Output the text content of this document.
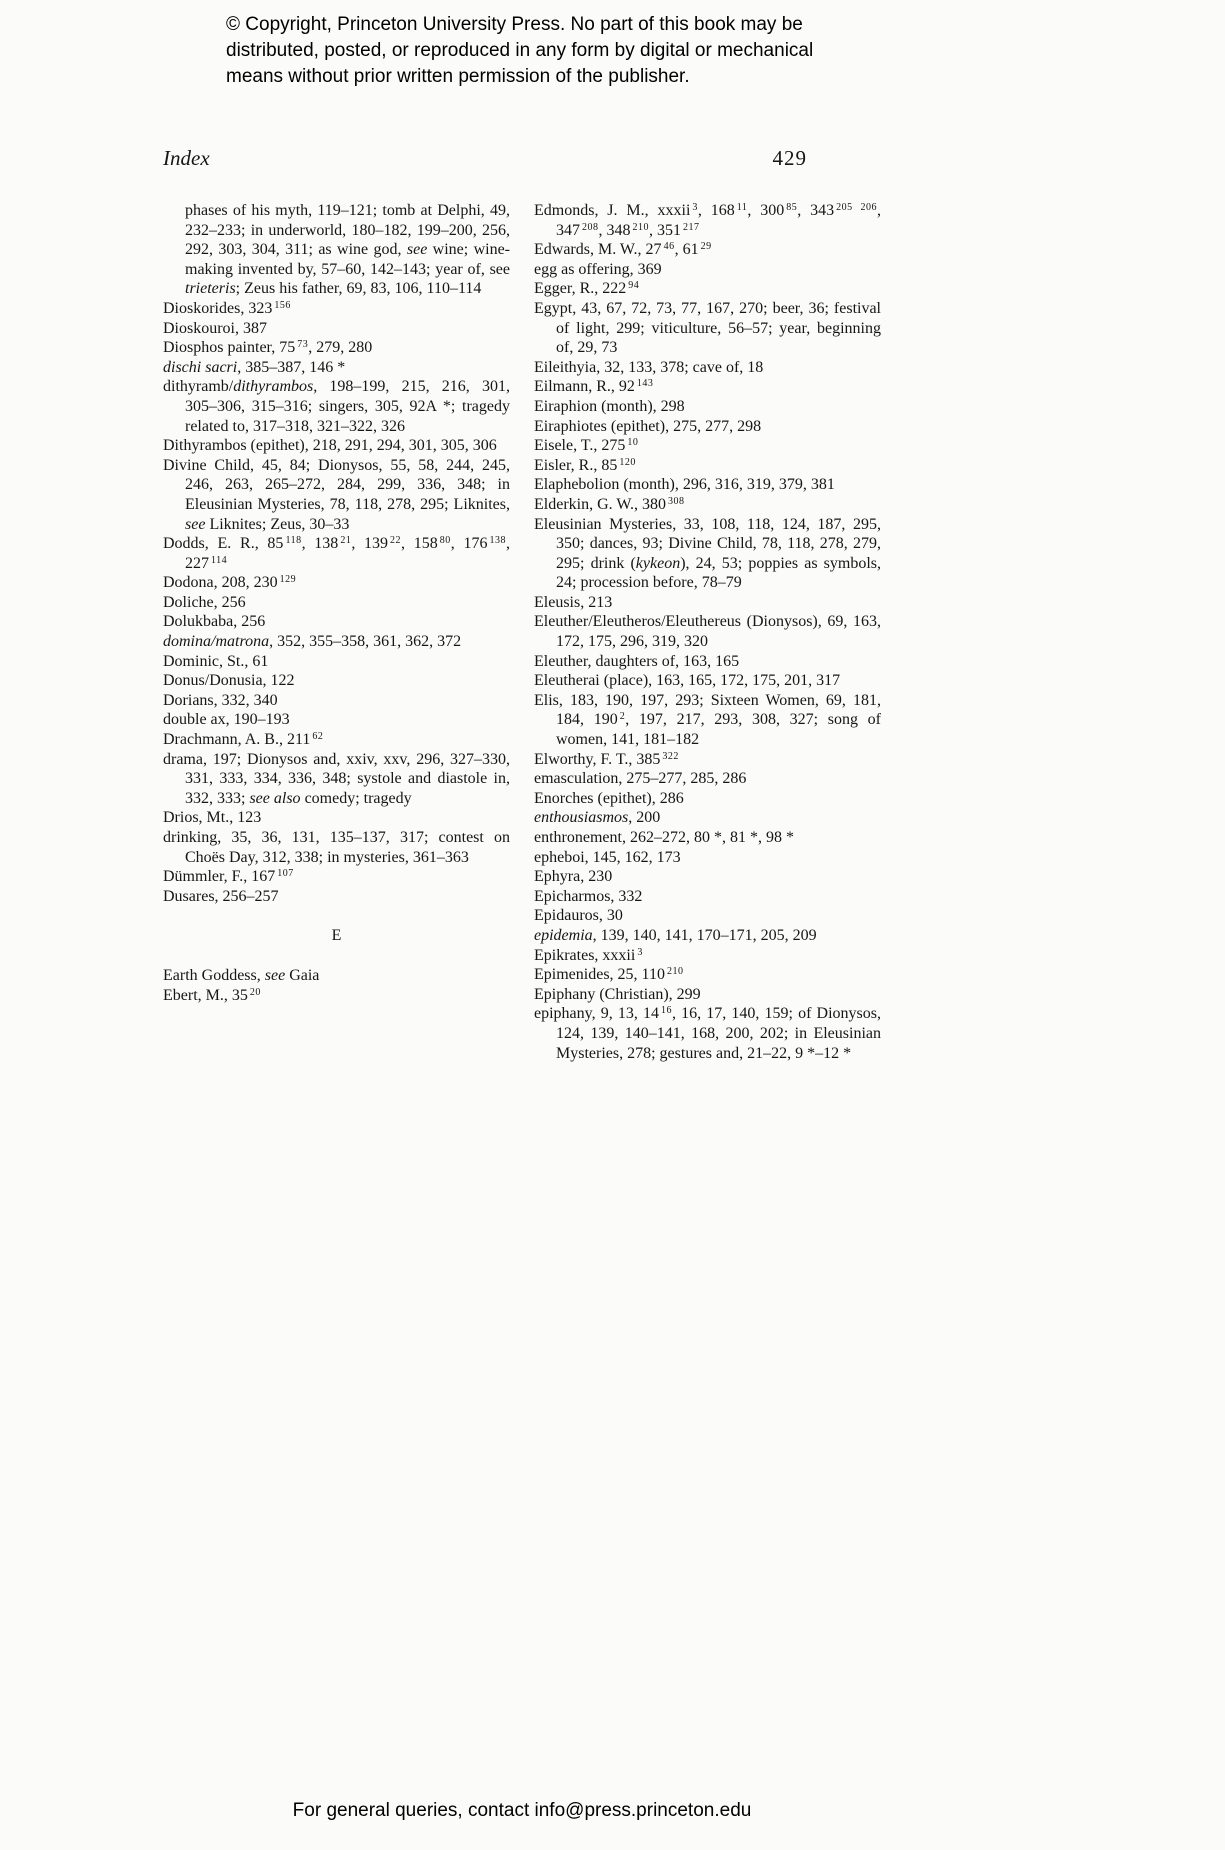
© Copyright, Princeton University Press. No part of this book may be
distributed, posted, or reproduced in any form by digital or mechanical
means without prior written permission of the publisher.
Index	429

phases of his myth, 119–121; tomb at Delphi, 49, 232–233; in underworld, 180–182, 199–200, 256, 292, 303, 304, 311; as wine god, see wine; wine-making invented by, 57–60, 142–143; year of, see trieteris; Zeus his father, 69, 83, 106, 110–114

Dioskorides, 323 $^{156}$

Dioskouroi, 387

Diosphos painter, 75 $^{73}$, 279, 280

dischi sacri, 385–387, 146 *

dithyramb/dithyrambos, 198–199, 215, 216, 301, 305–306, 315–316; singers, 305, 92A *; tragedy related to, 317–318, 321–322, 326

Dithyrambos (epithet), 218, 291, 294, 301, 305, 306

Divine Child, 45, 84; Dionysos, 55, 58, 244, 245, 246, 263, 265–272, 284, 299, 336, 348; in Eleusinian Mysteries, 78, 118, 278, 295; Liknites, see Liknites; Zeus, 30–33

Dodds, E. R., 85 $^{118}$, 138 $^{21}$, 139 $^{22}$, 158 $^{80}$, 176 $^{138}$, 227 $^{114}$

Dodona, 208, 230 $^{129}$

Doliche, 256

Dolukbaba, 256

domina/matrona, 352, 355–358, 361, 362, 372

Dominic, St., 61

Donus/Donusia, 122

Dorians, 332, 340

double ax, 190–193

Drachmann, A. B., 211 $^{62}$

drama, 197; Dionysos and, xxiv, xxv, 296, 327–330, 331, 333, 334, 336, 348; systole and diastole in, 332, 333; see also comedy; tragedy

Drios, Mt., 123

drinking, 35, 36, 131, 135–137, 317; contest on Choës Day, 312, 338; in mysteries, 361–363

Dümmler, F., 167 $^{107}$

Dusares, 256–257

E

Earth Goddess, see Gaia

Ebert, M., 35 $^{20}$

Edmonds, J. M., xxxii $^3$, 168 $^{11}$, 300 $^{85}$, 343 $^{205 206}$, 347 $^{208}$, 348 $^{210}$, 351 $^{217}$

Edwards, M. W., 27 $^{46}$, 61 $^{29}$

egg as offering, 369

Egger, R., 222 $^{94}$

Egypt, 43, 67, 72, 73, 77, 167, 270; beer, 36; festival of light, 299; viticulture, 56–57; year, beginning of, 29, 73

Eileithyia, 32, 133, 378; cave of, 18

Eilmann, R., 92 $^{143}$

Eiraphion (month), 298

Eiraphiotes (epithet), 275, 277, 298

Eisele, T., 275 $^{10}$

Eisler, R., 85 $^{120}$

Elaphebolion (month), 296, 316, 319, 379, 381

Elderkin, G. W., 380 $^{308}$

Eleusinian Mysteries, 33, 108, 118, 124, 187, 295, 350; dances, 93; Divine Child, 78, 118, 278, 279, 295; drink (kykeon), 24, 53; poppies as symbols, 24; procession before, 78–79

Eleusis, 213

Eleuther/Eleutheros/Eleuthereus (Dionysos), 69, 163, 172, 175, 296, 319, 320

Eleuther, daughters of, 163, 165

Eleutherai (place), 163, 165, 172, 175, 201, 317

Elis, 183, 190, 197, 293; Sixteen Women, 69, 181, 184, 190 $^2$, 197, 217, 293, 308, 327; song of women, 141, 181–182

Elworthy, F. T., 385 $^{322}$

emasculation, 275–277, 285, 286

Enorches (epithet), 286

enthousiasmos, 200

enthronement, 262–272, 80 *, 81 *, 98 *

epheboi, 145, 162, 173

Ephyra, 230

Epicharmos, 332

Epidauros, 30

epidemia, 139, 140, 141, 170–171, 205, 209

Epikrates, xxxii $^3$

Epimenides, 25, 110 $^{210}$

Epiphany (Christian), 299

epiphany, 9, 13, 14 $^{16}$, 16, 17, 140, 159; of Dionysos, 124, 139, 140–141, 168, 200, 202; in Eleusinian Mysteries, 278; gestures and, 21–22, 9 *–12 *

For general queries, contact info@press.princeton.edu
